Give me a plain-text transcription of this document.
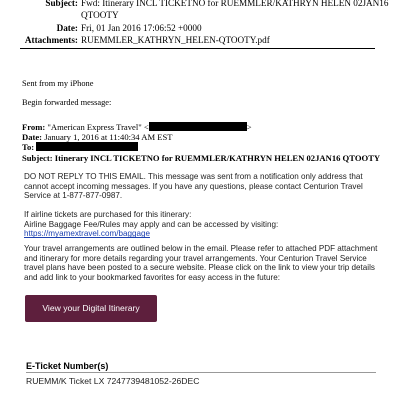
Subject: Fwd: Itinerary INCL TICKETNO for RUEMMLER/KATHRYN HELEN 02JAN16
QTOOTY
Date: Fri, 01 Jan 2016 17:06:52 +0000
Attachments: RUEMMLER_KATHRYN_HELEN-QTOOTY.pdf
Sent from my iPhone
Begin forwarded message:
From: "American Express Travel" <	>
Date: January 1, 2016 at 11:40:34 AM EST
To:
Subject: Itinerary INCL TICKETNO for RUEMMLER/KATHRYN HELEN 02JAN16 QTOOTY
DO NOT REPLY TO THIS EMAIL. This message was sent from a notification only address that cannot accept incoming messages. If you have any questions, please contact Centurion Travel Service at 1-877-877-0987.
If airline tickets are purchased for this itinerary:
Airline Baggage Fee/Rules may apply and can be accessed by visiting:
https://myamextravel.com/baggage
Your travel arrangements are outlined below in the email. Please refer to attached PDF attachment and itinerary for more details regarding your travel arrangements. Your Centurion Travel Service travel plans have been posted to a secure website. Please click on the link to view your trip details and add link to your bookmarked favorites for easy access in the future:
View your Digital Itinerary
E-Ticket Number(s)
RUEMM/K Ticket LX 7247739481052-26DEC
